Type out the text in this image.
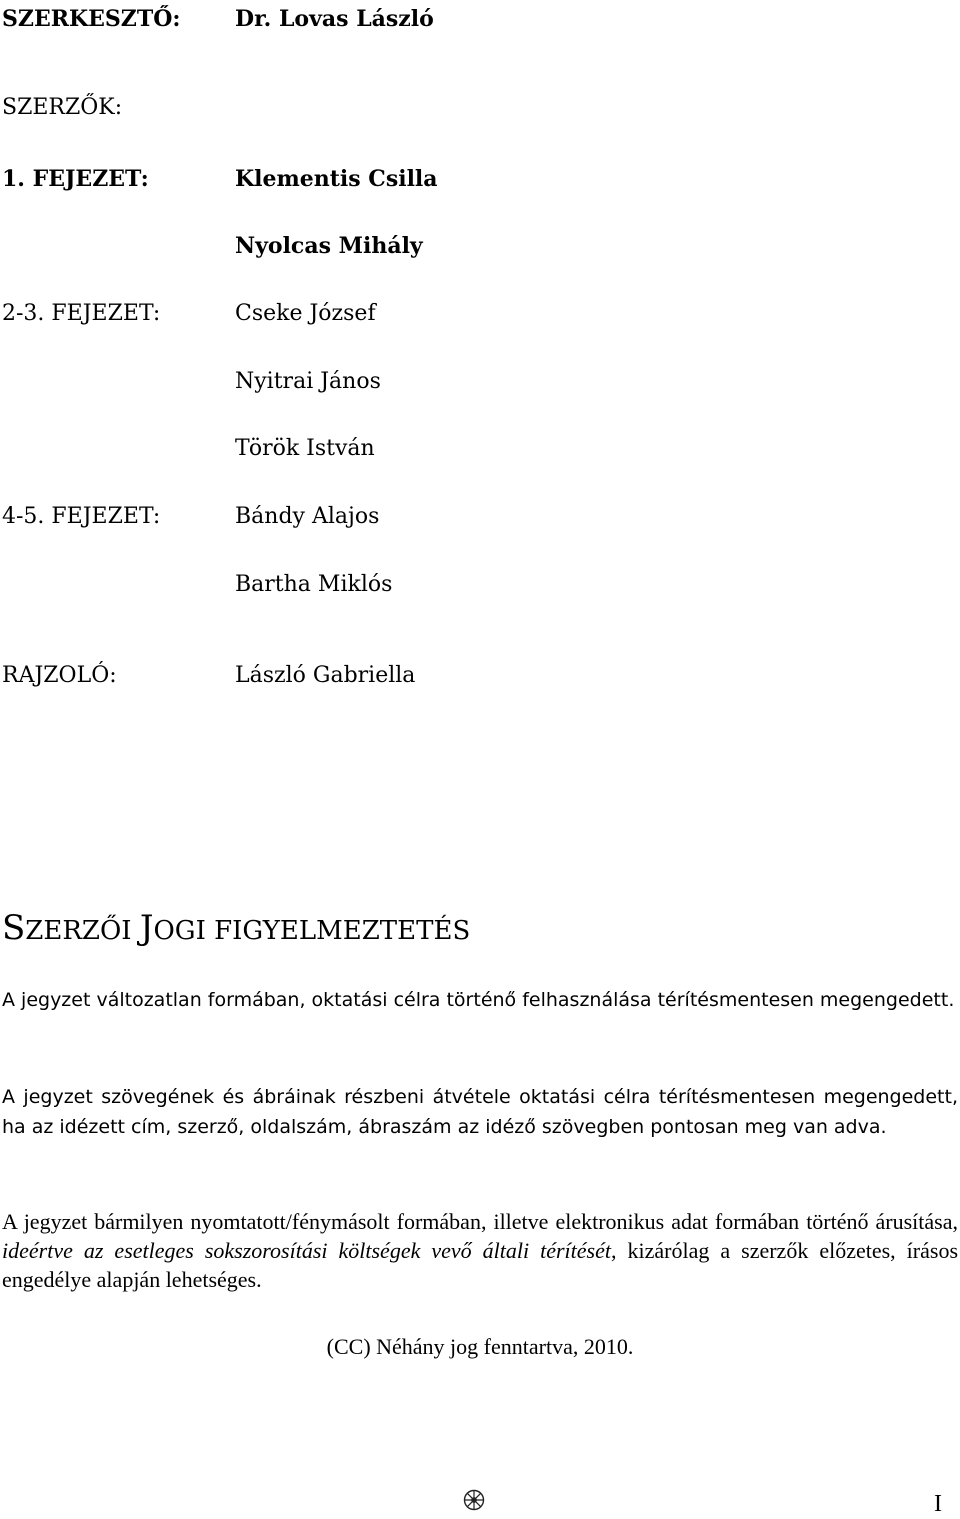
SZERKESZTŐ: Dr. Lovas László
SZERZŐK:
1. FEJEZET:	Klementis Csilla
Nyolcas Mihály
2-3. FEJEZET:	Cseke József
Nyitrai János
Török István
4-5. FEJEZET:	Bándy Alajos
Bartha Miklós
RAJZOLÓ:	László Gabriella
SZERZŐI JOGI FIGYELMEZTETÉS
A jegyzet változatlan formában, oktatási célra történő felhasználása térítésmentesen megengedett.
A jegyzet szövegének és ábráinak részbeni átvétele oktatási célra térítésmentesen megengedett, ha az idézett cím, szerző, oldalszám, ábraszám az idéző szövegben pontosan meg van adva.
A jegyzet bármilyen nyomtatott/fénymásolt formában, illetve elektronikus adat formában történő árusítása, ideértve az esetleges sokszorosítási költségek vevő általi térítését, kizárólag a szerzők előzetes, írásos engedélye alapján lehetséges.
(CC) Néhány jog fenntartva, 2010.
I
